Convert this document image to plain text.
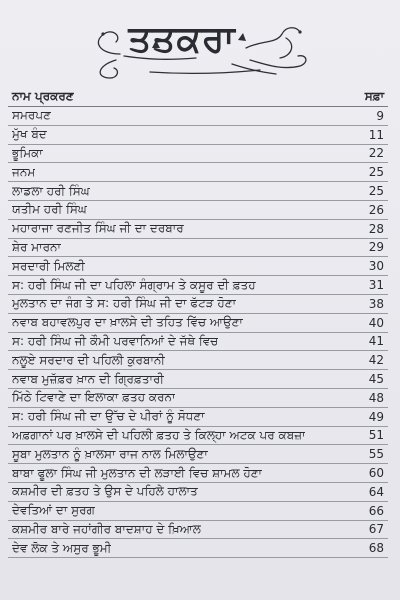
ਤਤਕਰਾ
ਨਾਮ ਪ੍ਰਕਰਣ	ਸਫ਼ਾ
ਸਮਰਪਣ	9
ਮੁੱਖ ਬੰਦ	11
ਭੂਮਿਕਾ	22
ਜਨਮ	25
ਲਾਡਲਾ ਹਰੀ ਸਿੰਘ	25
ਯਤੀਮ ਹਰੀ ਸਿੰਘ	26
ਮਹਾਰਾਜਾ ਰਣਜੀਤ ਸਿੰਘ ਜੀ ਦਾ ਦਰਬਾਰ	28
ਸ਼ੇਰ ਮਾਰਨਾ	29
ਸਰਦਾਰੀ ਮਿਲਣੀ	30
ਸ: ਹਰੀ ਸਿੰਘ ਜੀ ਦਾ ਪਹਿਲਾ ਸੰਗ੍ਰਾਮ ਤੇ ਕਸੂਰ ਦੀ ਫ਼ਤਹ	31
ਮੁਲਤਾਨ ਦਾ ਜੰਗ ਤੇ ਸ: ਹਰੀ ਸਿੰਘ ਜੀ ਦਾ ਫੱਟੜ ਹੋਣਾ	38
ਨਵਾਬ ਬਹਾਵਲਪੁਰ ਦਾ ਖ਼ਾਲਸੇ ਦੀ ਤਹਿਤ ਵਿੱਚ ਆਉਣਾ	40
ਸ: ਹਰੀ ਸਿੰਘ ਜੀ ਕੌਮੀ ਪਰਵਾਨਿਆਂ ਦੇ ਜੱਥੇ ਵਿਚ	41
ਨਲੂਏ ਸਰਦਾਰ ਦੀ ਪਹਿਲੀ ਕੁਰਬਾਨੀ	42
ਨਵਾਬ ਮੁਜ਼ੱਫ਼ਰ ਖ਼ਾਨ ਦੀ ਗ੍ਰਿਫ਼ਤਾਰੀ	45
ਮਿੱਠੇ ਟਿਵਾਣੇ ਦਾ ਇਲਾਕਾ ਫ਼ਤਹ ਕਰਨਾ	48
ਸ: ਹਰੀ ਸਿੰਘ ਜੀ ਦਾ ਉੱਚ ਦੇ ਪੀਰਾਂ ਨੂੰ ਸੋਧਣਾ	49
ਅਫ਼ਗਾਨਾਂ ਪਰ ਖ਼ਾਲਸੇ ਦੀ ਪਹਿਲੀ ਫ਼ਤਹ ਤੇ ਕਿਲ੍ਹਾ ਅਟਕ ਪਰ ਕਬਜ਼ਾ	51
ਸੂਬਾ ਮੁਲਤਾਨ ਨੂੰ ਖ਼ਾਲਸਾ ਰਾਜ ਨਾਲ ਮਿਲਾਉਣਾ	55
ਬਾਬਾ ਫੂਲਾ ਸਿੰਘ ਜੀ ਮੁਲਤਾਨ ਦੀ ਲੜਾਈ ਵਿਚ ਸ਼ਾਮਲ ਹੋਣਾ	60
ਕਸ਼ਮੀਰ ਦੀ ਫ਼ਤਹ ਤੇ ਉਸ ਦੇ ਪਹਿਲੇ ਹਾਲਾਤ	64
ਦੇਵਤਿਆਂ ਦਾ ਸੁਰਗ	66
ਕਸ਼ਮੀਰ ਬਾਰੇ ਜਹਾਂਗੀਰ ਬਾਦਸ਼ਾਹ ਦੇ ਖ਼ਿਆਲ	67
ਦੇਵ ਲੋਕ ਤੇ ਅਸੁਰ ਭੂਮੀ	68
